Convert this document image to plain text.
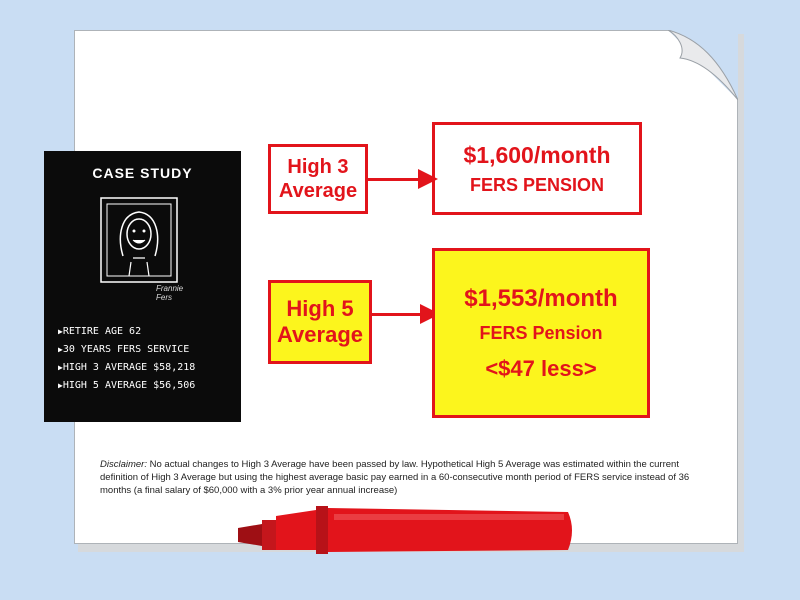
CASE STUDY
Frannie
Fers
▶ RETIRE AGE 62
▶ 30 YEARS FERS SERVICE
▶ HIGH 3 AVERAGE $58,218
▶ HIGH 5 AVERAGE $56,506
High 3
Average
$1,600/month
FERS PENSION
High 5
Average
$1,553/month
FERS Pension
<$47 less>
Disclaimer: No actual changes to High 3 Average have been passed by law. Hypothetical High 5 Average was estimated within the current definition of High 3 Average but using the highest average basic pay earned in a 60-consecutive month period of FERS service instead of 36 months (a final salary of $60,000 with a 3% prior year annual increase)
